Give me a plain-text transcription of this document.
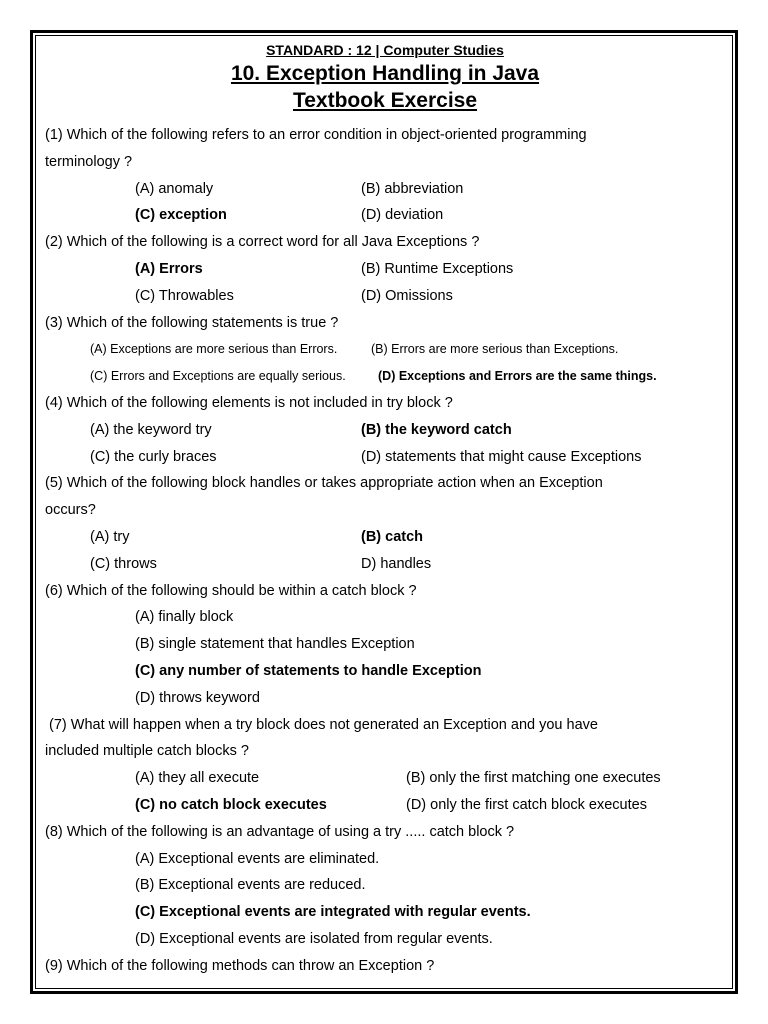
STANDARD : 12 | Computer Studies
10. Exception Handling in Java
Textbook Exercise
(1) Which of the following refers to an error condition in object-oriented programming
terminology ?
(A) anomaly	(B) abbreviation
(C) exception	(D) deviation
(2) Which of the following is a correct word for all Java Exceptions ?
(A) Errors	(B) Runtime Exceptions
(C) Throwables	(D) Omissions
(3) Which of the following statements is true ?
(A) Exceptions are more serious than Errors.	(B) Errors are more serious than Exceptions.
(C) Errors and Exceptions are equally serious.	(D) Exceptions and Errors are the same things.
(4) Which of the following elements is not included in try block ?
(A) the keyword try	(B) the keyword catch
(C) the curly braces	(D) statements that might cause Exceptions
(5) Which of the following block handles or takes appropriate action when an Exception
occurs?
(A) try	(B) catch
(C) throws	D) handles
(6) Which of the following should be within a catch block ?
(A) finally block
(B) single statement that handles Exception
(C) any number of statements to handle Exception
(D) throws keyword
(7) What will happen when a try block does not generated an Exception and you have
included multiple catch blocks ?
(A) they all execute	(B) only the first matching one executes
(C) no catch block executes	(D) only the first catch block executes
(8) Which of the following is an advantage of using a try ..... catch block ?
(A) Exceptional events are eliminated.
(B) Exceptional events are reduced.
(C) Exceptional events are integrated with regular events.
(D) Exceptional events are isolated from regular events.
(9) Which of the following methods can throw an Exception ?
